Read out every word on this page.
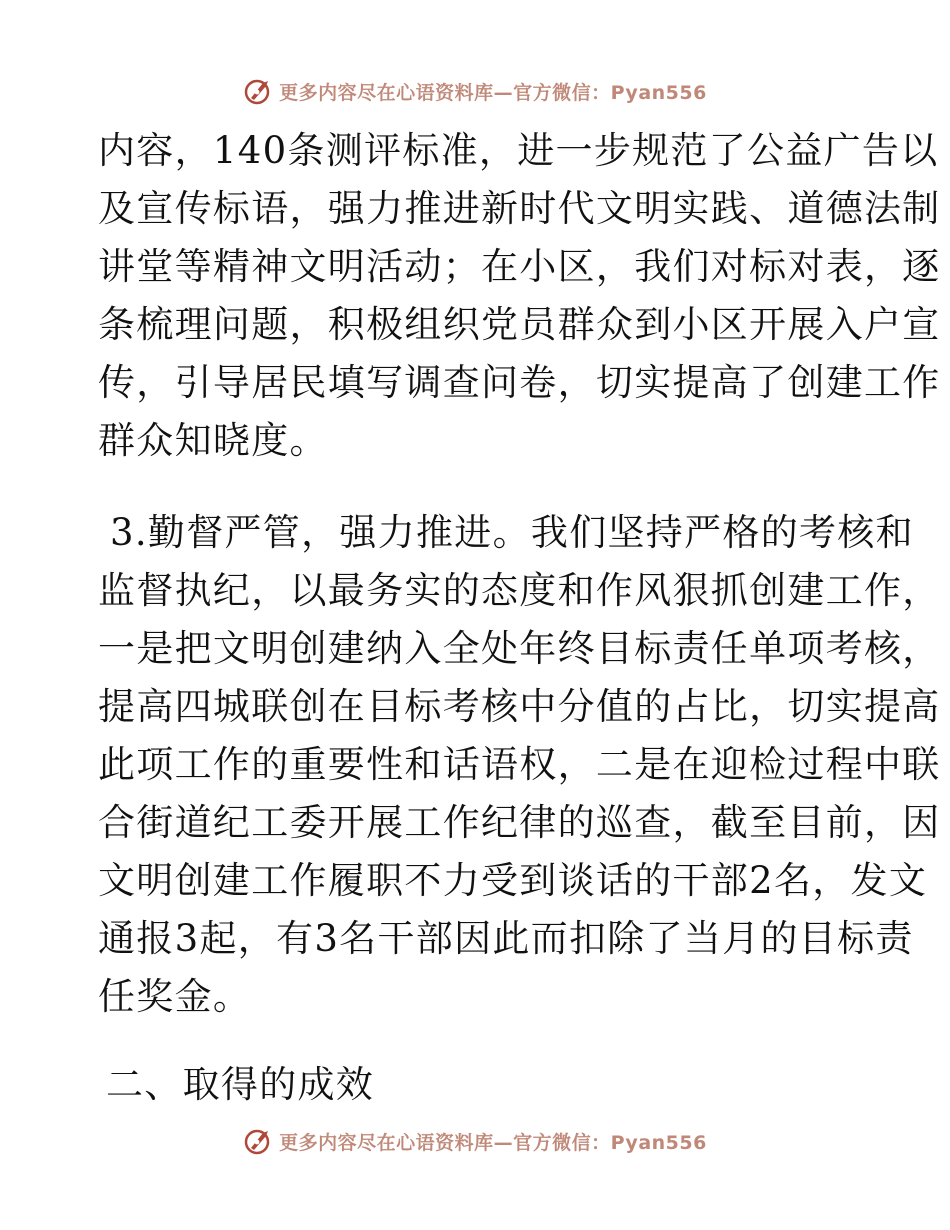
更多内容尽在心语资料库—官方微信：Pyan556
内容，140条测评标准，进一步规范了公益广告以
及宣传标语，强力推进新时代文明实践、道德法制
讲堂等精神文明活动；在小区，我们对标对表，逐
条梳理问题，积极组织党员群众到小区开展入户宣
传，引导居民填写调查问卷，切实提高了创建工作
群众知晓度。
3.勤督严管，强力推进。我们坚持严格的考核和
监督执纪，以最务实的态度和作风狠抓创建工作，
一是把文明创建纳入全处年终目标责任单项考核，
提高四城联创在目标考核中分值的占比，切实提高
此项工作的重要性和话语权，二是在迎检过程中联
合街道纪工委开展工作纪律的巡查，截至目前，因
文明创建工作履职不力受到谈话的干部2名，发文
通报3起，有3名干部因此而扣除了当月的目标责
任奖金。
二、取得的成效
更多内容尽在心语资料库—官方微信：Pyan556
